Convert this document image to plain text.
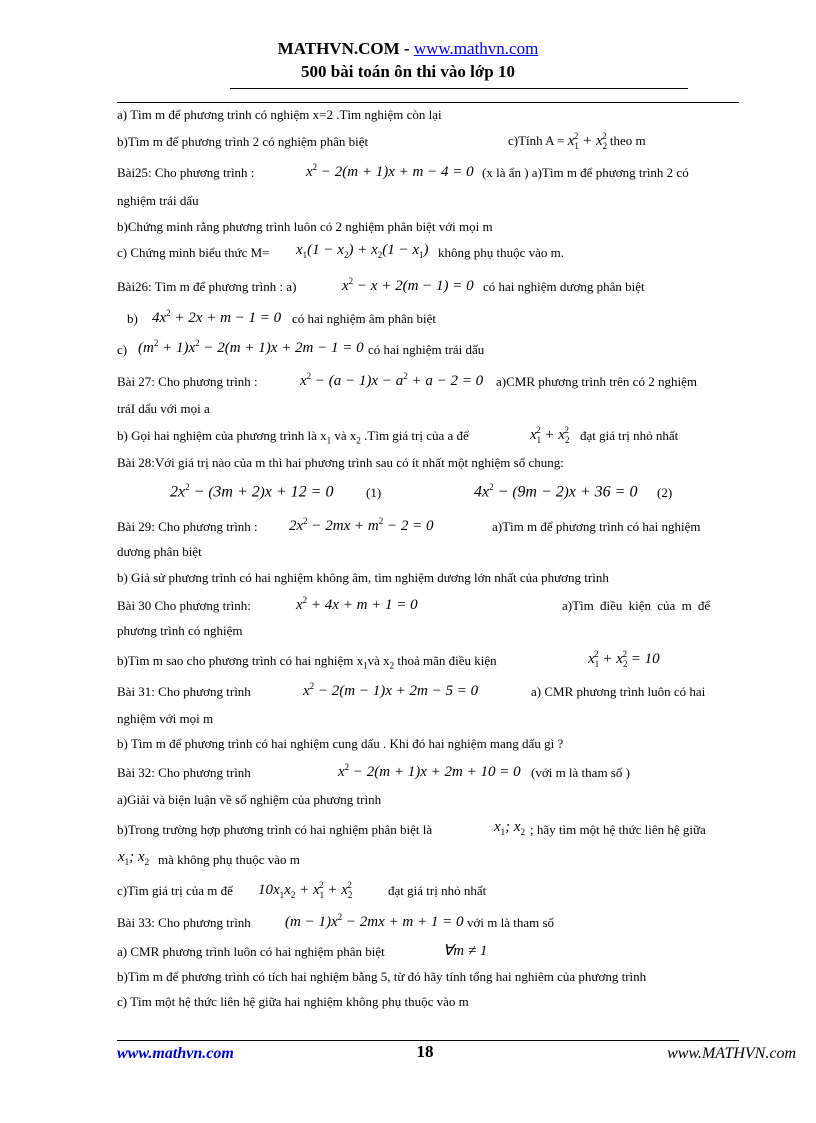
MATHVN.COM - www.mathvn.com
500 bài toán ôn thi vào lớp 10
a) Tìm m để phương trình có nghiệm x=2 .Tìm nghiệm còn lại
b)Tìm m để phương trình 2 có nghiệm phân biệt	c)Tính $A = x_1^2 + x_2^2$ theo m
Bài25: Cho phương trình :	$x^2 - 2(m + 1)x + m - 4 = 0$ (x là ẩn ) a)Tìm m để phương trình 2 có
nghiệm trái dấu
b)Chứng minh rằng phương trình luôn có 2 nghiệm phân biệt với mọi m
c) Chứng minh biểu thức $M= x_1(1 - x_2) + x_2(1 - x_1)$ không phụ thuộc vào m.
Bài26: Tìm m để phương trình : a)	$x^2 - x + 2(m - 1) = 0$ có hai nghiệm dương phân biệt
b) $4x^2 + 2x + m - 1 = 0$ có hai nghiệm âm phân biệt
c) $(m^2 + 1)x^2 - 2(m + 1)x + 2m - 1 = 0$ có hai nghiệm trái dấu
Bài 27: Cho phương trình :	$x^2 - (a - 1)x - a^2 + a - 2 = 0$ a)CMR phương trình trên có 2 nghiệm
tráI dấu với mọi a
b) Gọi hai nghiệm của phương trình là $x_1$ và $x_2$ .Tìm giá trị của a để	$x_1^2 + x_2^2$ đạt giá trị nhỏ nhất
Bài 28:Với giá trị nào của m thì hai phương trình sau có ít nhất một nghiệm số chung:
$2x^2 - (3m + 2)x + 12 = 0$	(1)	$4x^2 - (9m - 2)x + 36 = 0$ (2)
Bài 29: Cho phương trình : $2x^2 - 2mx + m^2 - 2 = 0$	a)Tìm m để phương trình có hai nghiệm
dương phân biệt
b) Giả sử phương trình có hai nghiệm không âm, tìm nghiệm dương lớn nhất của phương trình
Bài 30 Cho phương trình:	$x^2 + 4x + m + 1 = 0$	a)Tìm điều kiện của m để
phương trình có nghiệm
b)Tìm m sao cho phương trình có hai nghiệm $x_1và$ $x_2$ thoả mãn điều kiện	$x_1^2 + x_2^2 = 10$
Bài 31: Cho phương trình	$x^2 - 2(m - 1)x + 2m - 5 = 0$	a) CMR phương trình luôn có hai
nghiệm với mọi m
b) Tìm m để phương trình có hai nghiệm cung dấu . Khi đó hai nghiệm mang dấu gì ?
Bài 32: Cho phương trình	$x^2 - 2(m + 1)x + 2m + 10 = 0$ (với m là tham số )
a)Giải và biện luận về số nghiệm của phương trình
b)Trong trường hợp phương trình có hai nghiệm phân biệt là	$x_1$; $x_2$ ; hãy tìm một hệ thức liên hệ giữa
$x_1$; $x_2$ mà không phụ thuộc vào m
c)Tìm giá trị của m để $10x_1x_2 + x_1^2 + x_2^2$	đạt giá trị nhỏ nhất
Bài 33: Cho phương trình $(m - 1)x^2 - 2mx + m + 1 = 0$ với m là tham số
a) CMR phương trình luôn có hai nghiệm phân biệt	∀m ≠ 1
b)Tìm m để phương trình có tích hai nghiệm bằng 5, từ đó hãy tính tổng hai nghiêm của phương trình
c) Tìm một hệ thức liên hệ giữa hai nghiệm không phụ thuộc vào m
www.mathvn.com	18	www.MATHVN.com
